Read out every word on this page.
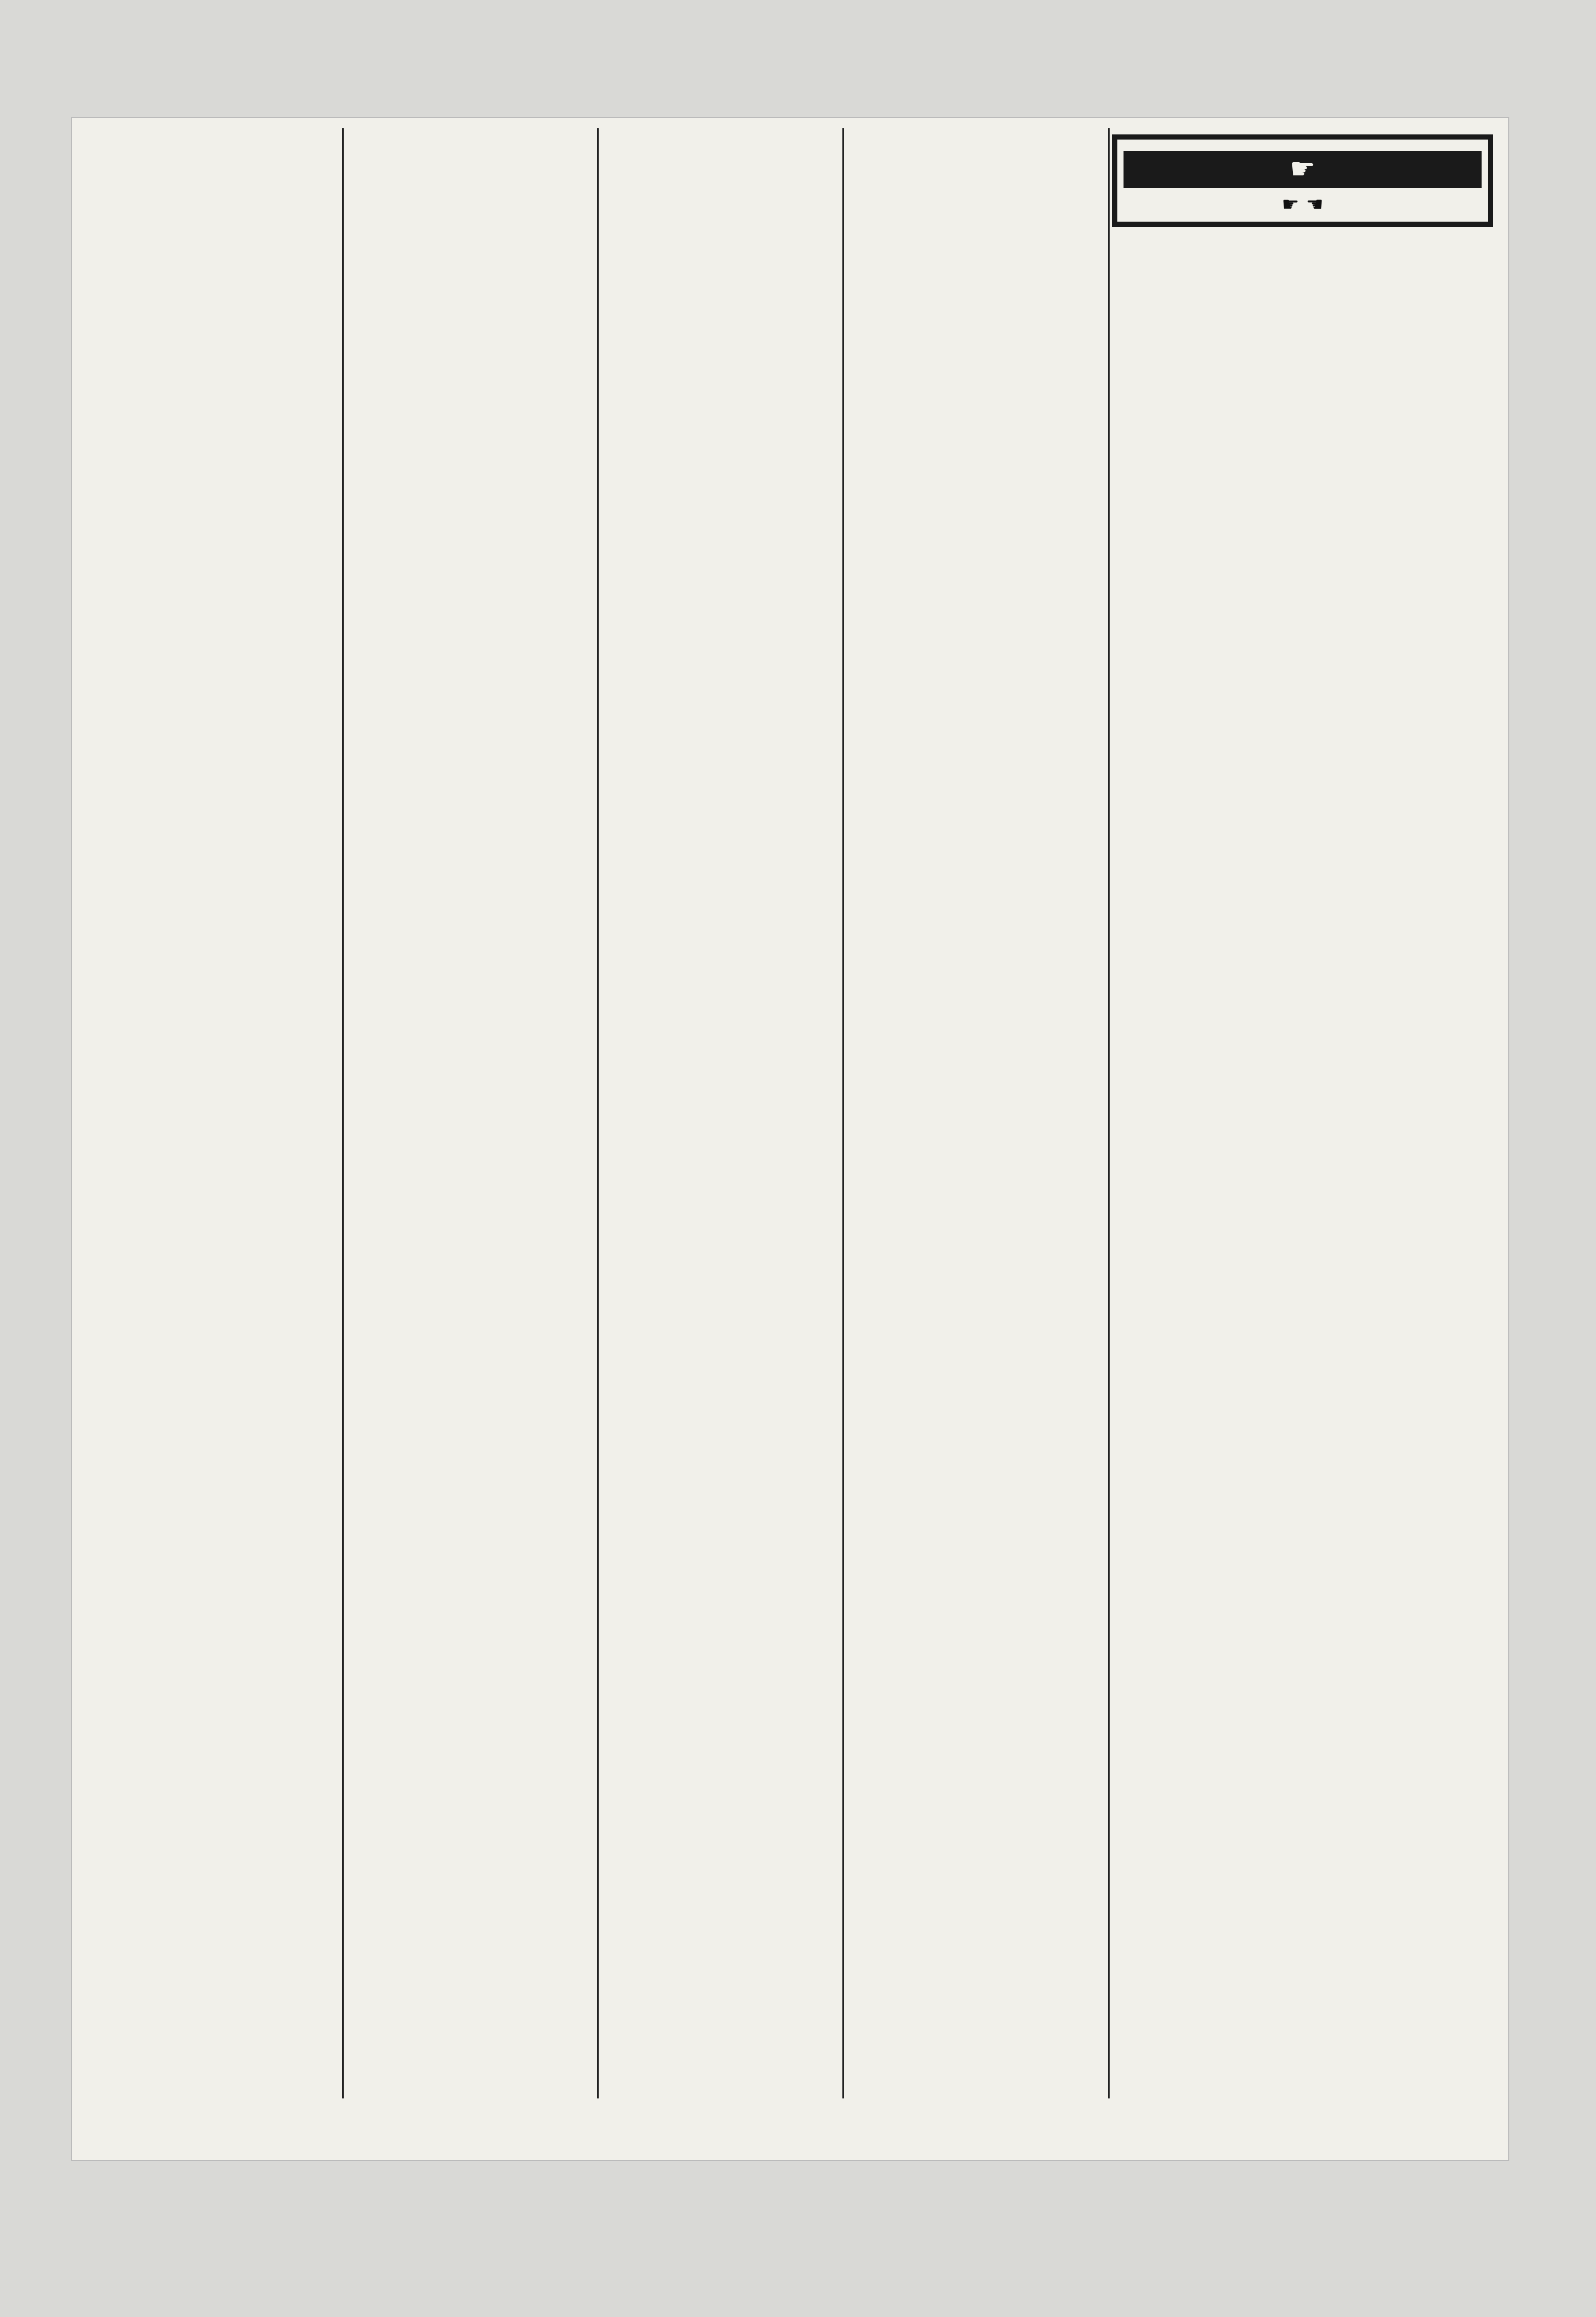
☛

☛ ☚
